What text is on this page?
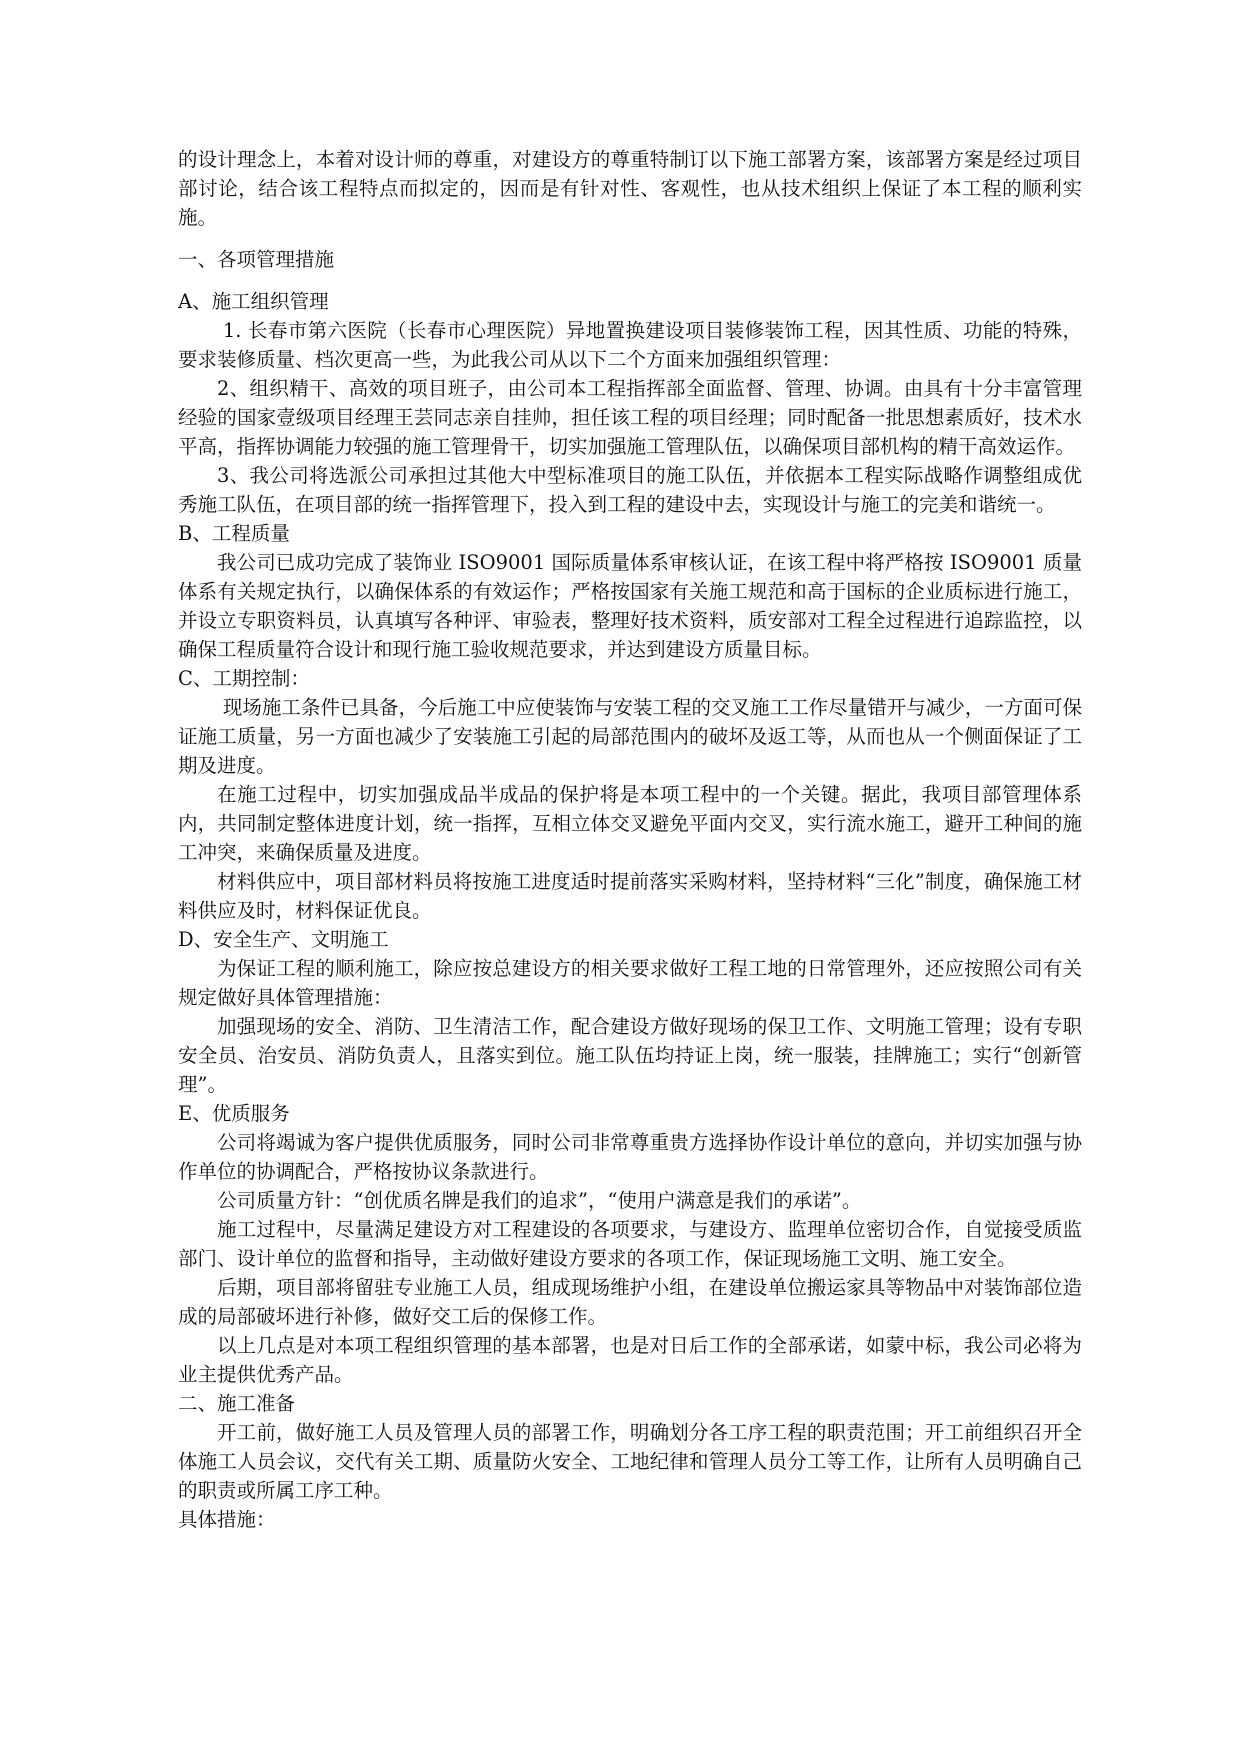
的设计理念上，本着对设计师的尊重，对建设方的尊重特制订以下施工部署方案，该部署方案是经过项目部讨论，结合该工程特点而拟定的，因而是有针对性、客观性，也从技术组织上保证了本工程的顺利实施。

一、各项管理措施

A、施工组织管理

1. 长春市第六医院（长春市心理医院）异地置换建设项目装修装饰工程，因其性质、功能的特殊，要求装修质量、档次更高一些，为此我公司从以下二个方面来加强组织管理：

2、组织精干、高效的项目班子，由公司本工程指挥部全面监督、管理、协调。由具有十分丰富管理经验的国家壹级项目经理王芸同志亲自挂帅，担任该工程的项目经理；同时配备一批思想素质好，技术水平高，指挥协调能力较强的施工管理骨干，切实加强施工管理队伍，以确保项目部机构的精干高效运作。

3、我公司将选派公司承担过其他大中型标准项目的施工队伍，并依据本工程实际战略作调整组成优秀施工队伍，在项目部的统一指挥管理下，投入到工程的建设中去，实现设计与施工的完美和谐统一。

B、工程质量

我公司已成功完成了装饰业 ISO9001 国际质量体系审核认证，在该工程中将严格按 ISO9001 质量体系有关规定执行，以确保体系的有效运作；严格按国家有关施工规范和高于国标的企业质标进行施工，并设立专职资料员，认真填写各种评、审验表，整理好技术资料，质安部对工程全过程进行追踪监控，以确保工程质量符合设计和现行施工验收规范要求，并达到建设方质量目标。

C、工期控制：

现场施工条件已具备，今后施工中应使装饰与安装工程的交叉施工工作尽量错开与减少，一方面可保证施工质量，另一方面也减少了安装施工引起的局部范围内的破坏及返工等，从而也从一个侧面保证了工期及进度。

在施工过程中，切实加强成品半成品的保护将是本项工程中的一个关键。据此，我项目部管理体系内，共同制定整体进度计划，统一指挥，互相立体交叉避免平面内交叉，实行流水施工，避开工种间的施工冲突，来确保质量及进度。

材料供应中，项目部材料员将按施工进度适时提前落实采购材料，坚持材料“三化”制度，确保施工材料供应及时，材料保证优良。

D、安全生产、文明施工

为保证工程的顺利施工，除应按总建设方的相关要求做好工程工地的日常管理外，还应按照公司有关规定做好具体管理措施：

加强现场的安全、消防、卫生清洁工作，配合建设方做好现场的保卫工作、文明施工管理；设有专职安全员、治安员、消防负责人，且落实到位。施工队伍均持证上岗，统一服装，挂牌施工；实行“创新管理”。

E、优质服务

公司将竭诚为客户提供优质服务，同时公司非常尊重贵方选择协作设计单位的意向，并切实加强与协作单位的协调配合，严格按协议条款进行。

公司质量方针：“创优质名牌是我们的追求”，“使用户满意是我们的承诺”。

施工过程中，尽量满足建设方对工程建设的各项要求，与建设方、监理单位密切合作，自觉接受质监部门、设计单位的监督和指导，主动做好建设方要求的各项工作，保证现场施工文明、施工安全。

后期，项目部将留驻专业施工人员，组成现场维护小组，在建设单位搬运家具等物品中对装饰部位造成的局部破坏进行补修，做好交工后的保修工作。

以上几点是对本项工程组织管理的基本部署，也是对日后工作的全部承诺，如蒙中标，我公司必将为业主提供优秀产品。

二、施工准备

开工前，做好施工人员及管理人员的部署工作，明确划分各工序工程的职责范围；开工前组织召开全体施工人员会议，交代有关工期、质量防火安全、工地纪律和管理人员分工等工作，让所有人员明确自己的职责或所属工序工种。

具体措施：
